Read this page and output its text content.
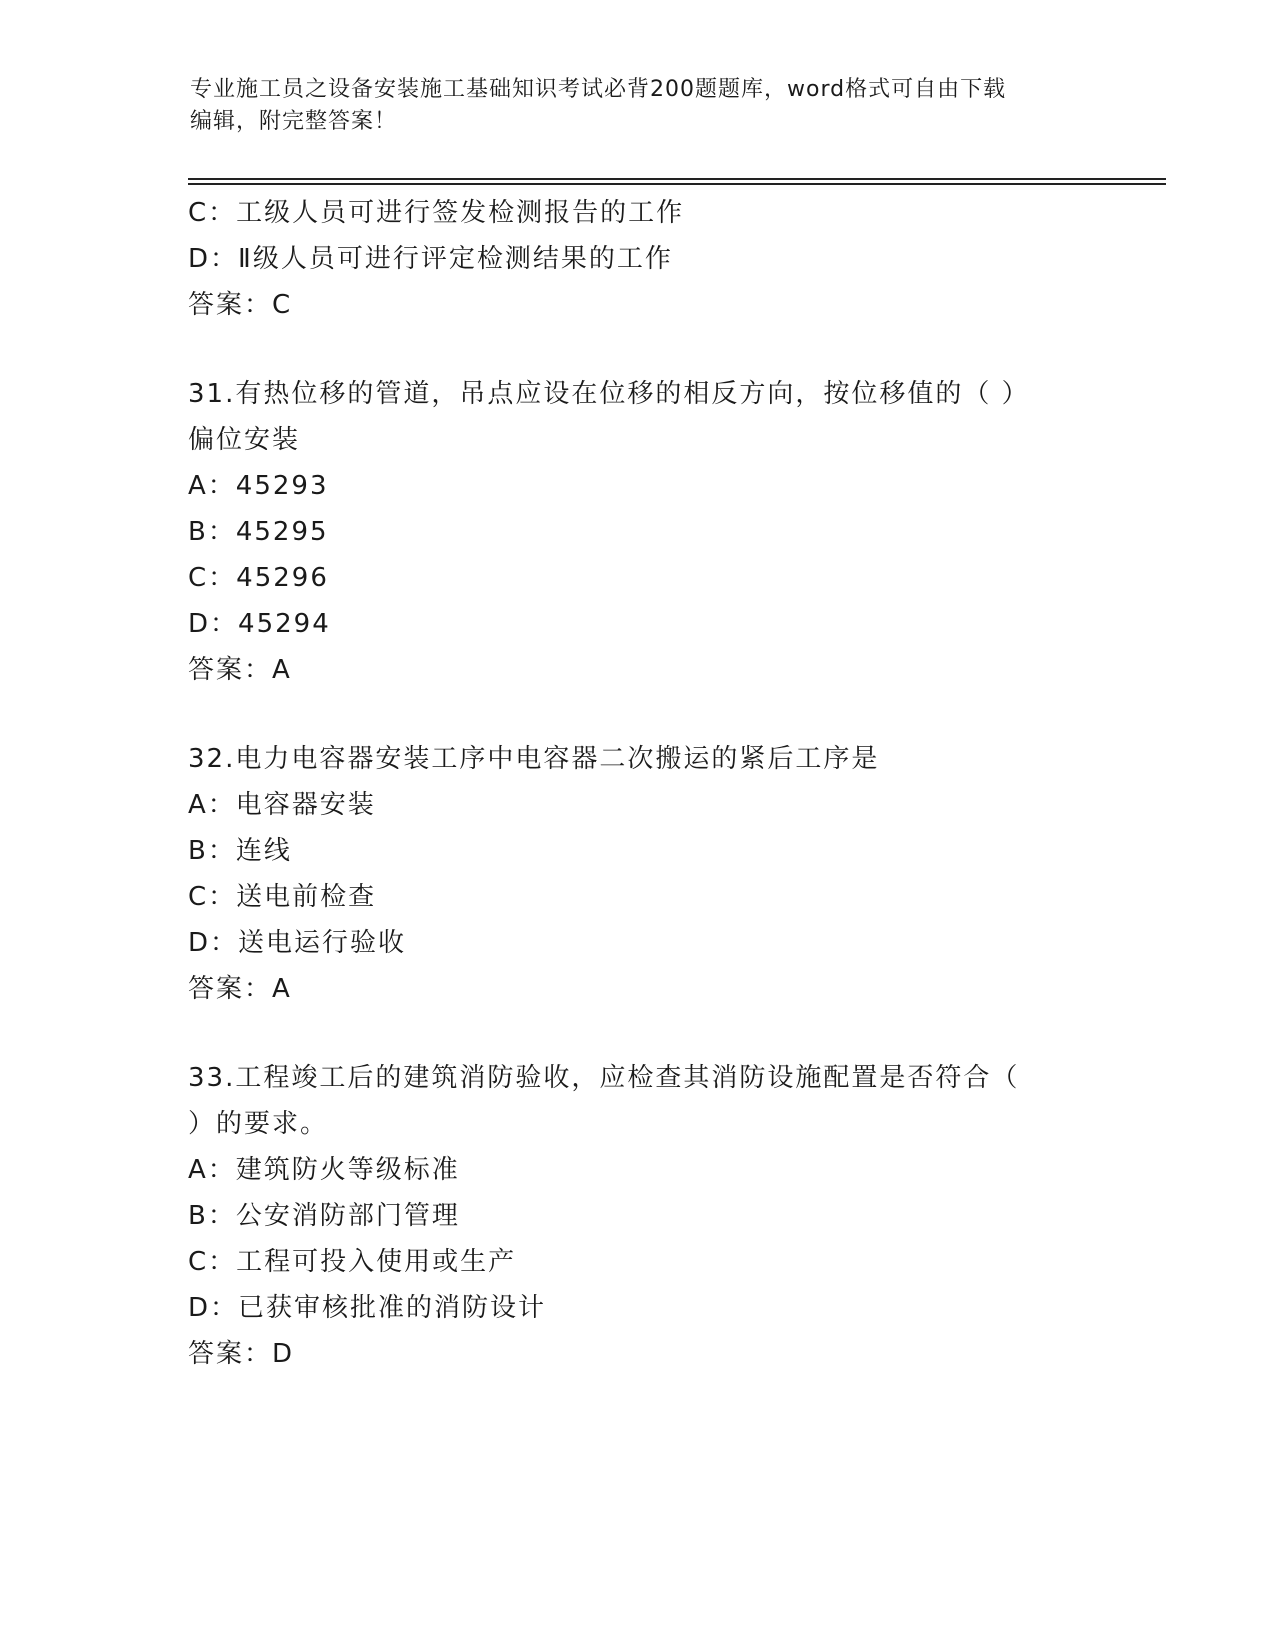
专业施工员之设备安装施工基础知识考试必背200题题库，word格式可自由下载
编辑，附完整答案！
C：工级人员可进行签发检测报告的工作
D：Ⅱ级人员可进行评定检测结果的工作
答案：C
31.有热位移的管道，吊点应设在位移的相反方向，按位移值的（ ）
偏位安装
A：45293
B：45295
C：45296
D：45294
答案：A
32.电力电容器安装工序中电容器二次搬运的紧后工序是
A：电容器安装
B：连线
C：送电前检查
D：送电运行验收
答案：A
33.工程竣工后的建筑消防验收，应检查其消防设施配置是否符合（
）的要求。
A：建筑防火等级标准
B：公安消防部门管理
C：工程可投入使用或生产
D：已获审核批准的消防设计
答案：D
